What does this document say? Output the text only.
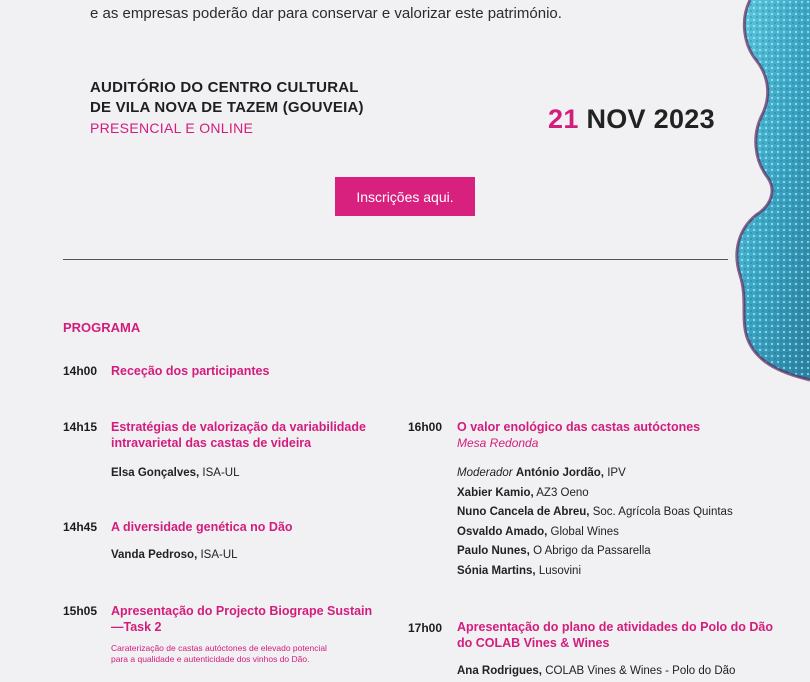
e as empresas poderão dar para conservar e valorizar este património.
AUDITÓRIO DO CENTRO CULTURAL
DE VILA NOVA DE TAZEM (GOUVEIA)
PRESENCIAL E ONLINE	21 NOV 2023
Inscrições aqui.
PROGRAMA
14h00 Receção dos participantes
14h15 Estratégias de valorização da variabilidade
intravarietal das castas de videira
Elsa Gonçalves, ISA-UL
14h45 A diversidade genética no Dão
Vanda Pedroso, ISA-UL
15h05 Apresentação do Projecto Biogrape Sustain
—Task 2
Caraterização de castas autóctones de elevado potencial
para a qualidade e autenticidade dos vinhos do Dão.
16h00 O valor enológico das castas autóctones
Mesa Redonda
Moderador António Jordão, IPV
Xabier Kamio, AZ3 Oeno
Nuno Cancela de Abreu, Soc. Agrícola Boas Quintas
Osvaldo Amado, Global Wines
Paulo Nunes, O Abrigo da Passarella
Sónia Martins, Lusovini
17h00 Apresentação do plano de atividades do Polo do Dão
do COLAB Vines & Wines
Ana Rodrigues, COLAB Vines & Wines - Polo do Dão
